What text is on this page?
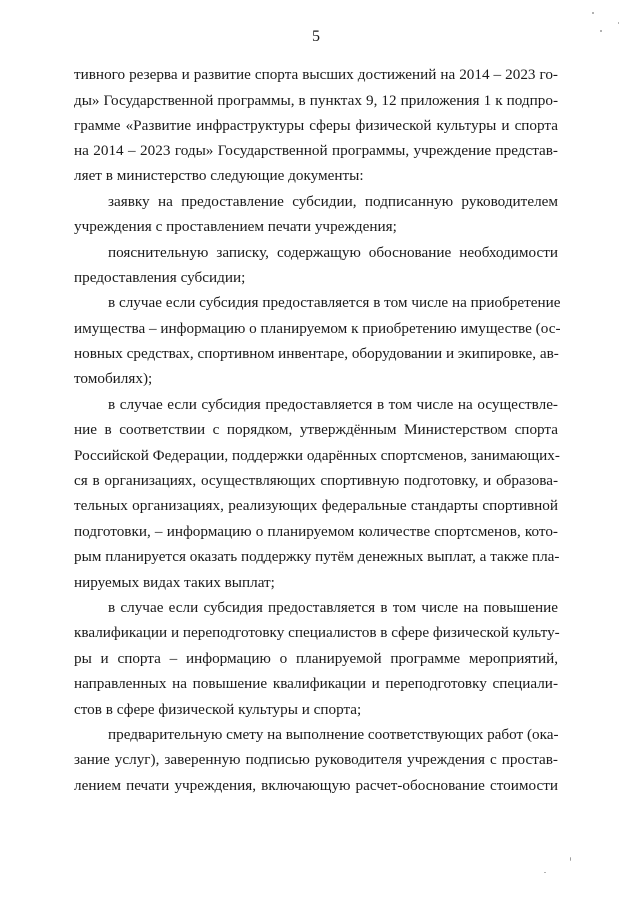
5
тивного резерва и развитие спорта высших достижений на 2014 – 2023 го-
ды» Государственной программы, в пунктах 9, 12 приложения 1 к подпро-
грамме «Развитие инфраструктуры сферы физической культуры и спорта
на 2014 – 2023 годы» Государственной программы, учреждение представ-
ляет в министерство следующие документы:
заявку на предоставление субсидии, подписанную руководителем
учреждения с проставлением печати учреждения;
пояснительную записку, содержащую обоснование необходимости
предоставления субсидии;
в случае если субсидия предоставляется в том числе на приобретение
имущества – информацию о планируемом к приобретению имуществе (ос-
новных средствах, спортивном инвентаре, оборудовании и экипировке, ав-
томобилях);
в случае если субсидия предоставляется в том числе на осуществле-
ние в соответствии с порядком, утверждённым Министерством спорта
Российской Федерации, поддержки одарённых спортсменов, занимающих-
ся в организациях, осуществляющих спортивную подготовку, и образова-
тельных организациях, реализующих федеральные стандарты спортивной
подготовки, – информацию о планируемом количестве спортсменов, кото-
рым планируется оказать поддержку путём денежных выплат, а также пла-
нируемых видах таких выплат;
в случае если субсидия предоставляется в том числе на повышение
квалификации и переподготовку специалистов в сфере физической культу-
ры и спорта – информацию о планируемой программе мероприятий,
направленных на повышение квалификации и переподготовку специали-
стов в сфере физической культуры и спорта;
предварительную смету на выполнение соответствующих работ (ока-
зание услуг), заверенную подписью руководителя учреждения с простав-
лением печати учреждения, включающую расчет-обоснование стоимости
